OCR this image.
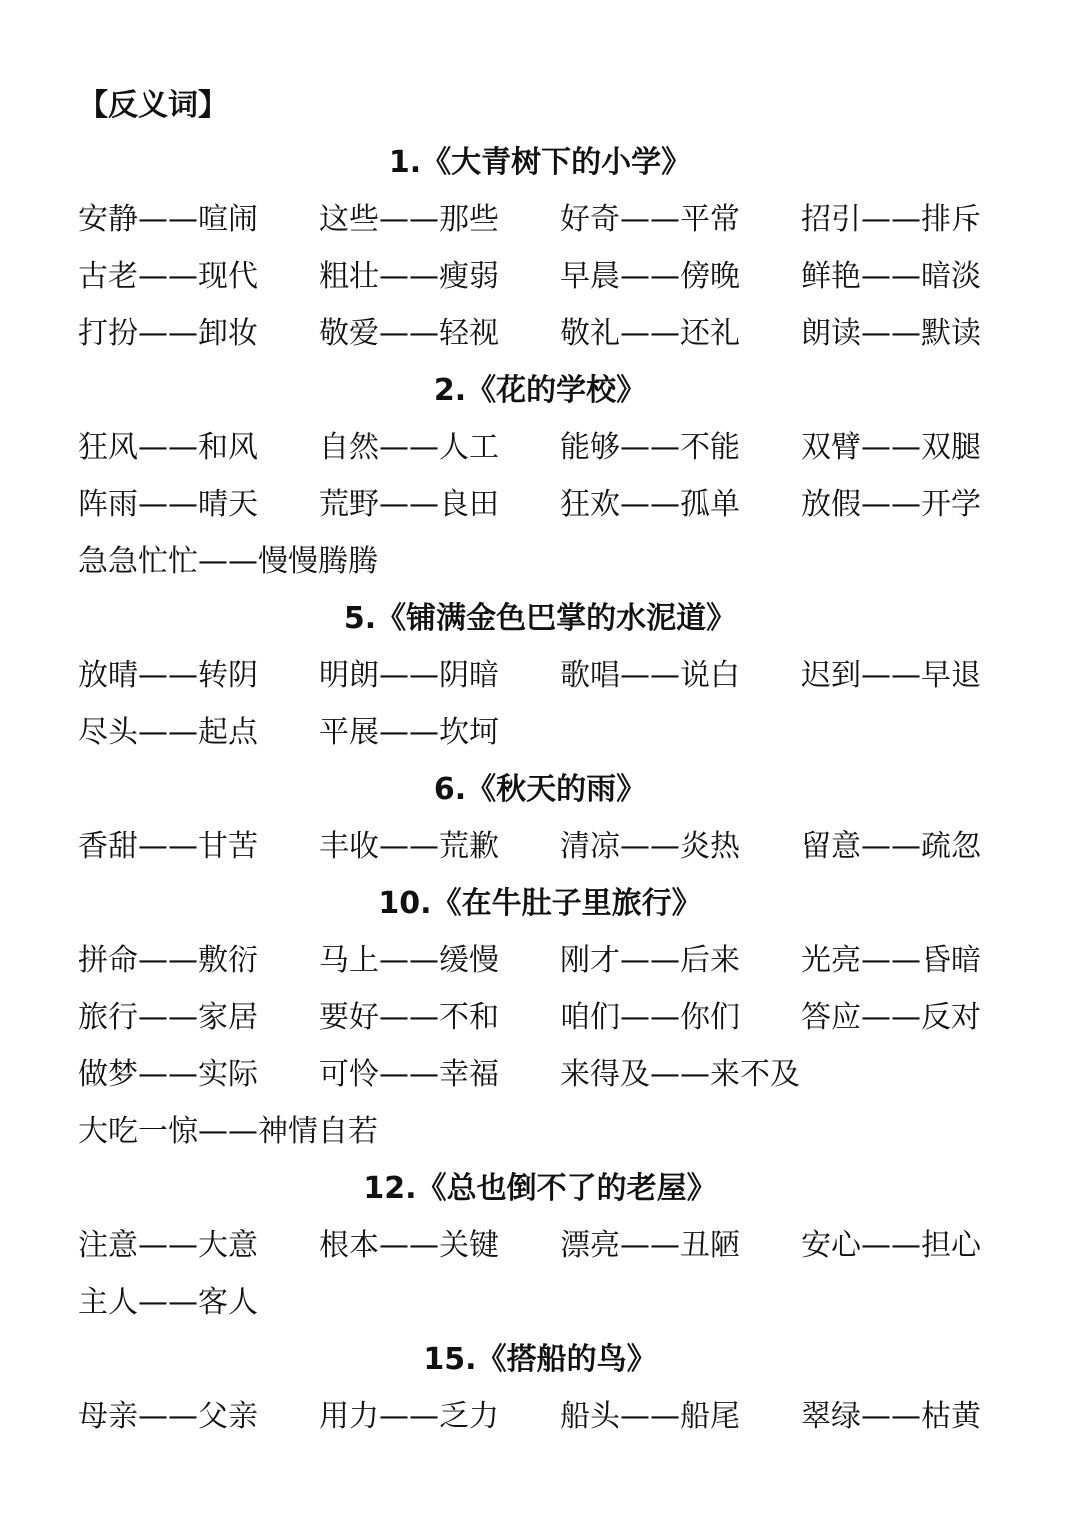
【反义词】
1.《大青树下的小学》
安静——喧闹	这些——那些	好奇——平常	招引——排斥
古老——现代	粗壮——瘦弱	早晨——傍晚	鲜艳——暗淡
打扮——卸妆	敬爱——轻视	敬礼——还礼	朗读——默读
2.《花的学校》
狂风——和风	自然——人工	能够——不能	双臂——双腿
阵雨——晴天	荒野——良田	狂欢——孤单	放假——开学
急急忙忙——慢慢腾腾
5.《铺满金色巴掌的水泥道》
放晴——转阴	明朗——阴暗	歌唱——说白	迟到——早退
尽头——起点	平展——坎坷
6.《秋天的雨》
香甜——甘苦	丰收——荒歉	清凉——炎热	留意——疏忽
10.《在牛肚子里旅行》
拼命——敷衍	马上——缓慢	刚才——后来	光亮——昏暗
旅行——家居	要好——不和	咱们——你们	答应——反对
做梦——实际	可怜——幸福	来得及——来不及
大吃一惊——神情自若
12.《总也倒不了的老屋》
注意——大意	根本——关键	漂亮——丑陋	安心——担心
主人——客人
15.《搭船的鸟》
母亲——父亲	用力——乏力	船头——船尾	翠绿——枯黄
